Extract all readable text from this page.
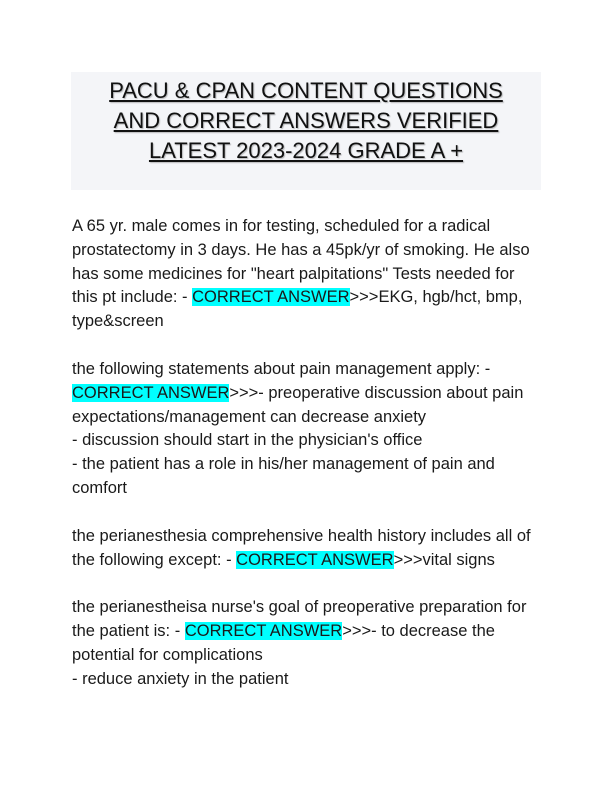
PACU & CPAN CONTENT QUESTIONS
AND CORRECT ANSWERS VERIFIED
LATEST 2023-2024 GRADE A +
A 65 yr. male comes in for testing, scheduled for a radical prostatectomy in 3 days. He has a 45pk/yr of smoking. He also has some medicines for "heart palpitations" Tests needed for this pt include: - CORRECT ANSWER>>>EKG, hgb/hct, bmp, type&screen
the following statements about pain management apply: - CORRECT ANSWER>>>- preoperative discussion about pain expectations/management can decrease anxiety
- discussion should start in the physician's office
- the patient has a role in his/her management of pain and comfort
the perianesthesia comprehensive health history includes all of the following except: - CORRECT ANSWER>>>vital signs
the perianestheisa nurse's goal of preoperative preparation for the patient is: - CORRECT ANSWER>>>- to decrease the potential for complications
- reduce anxiety in the patient
